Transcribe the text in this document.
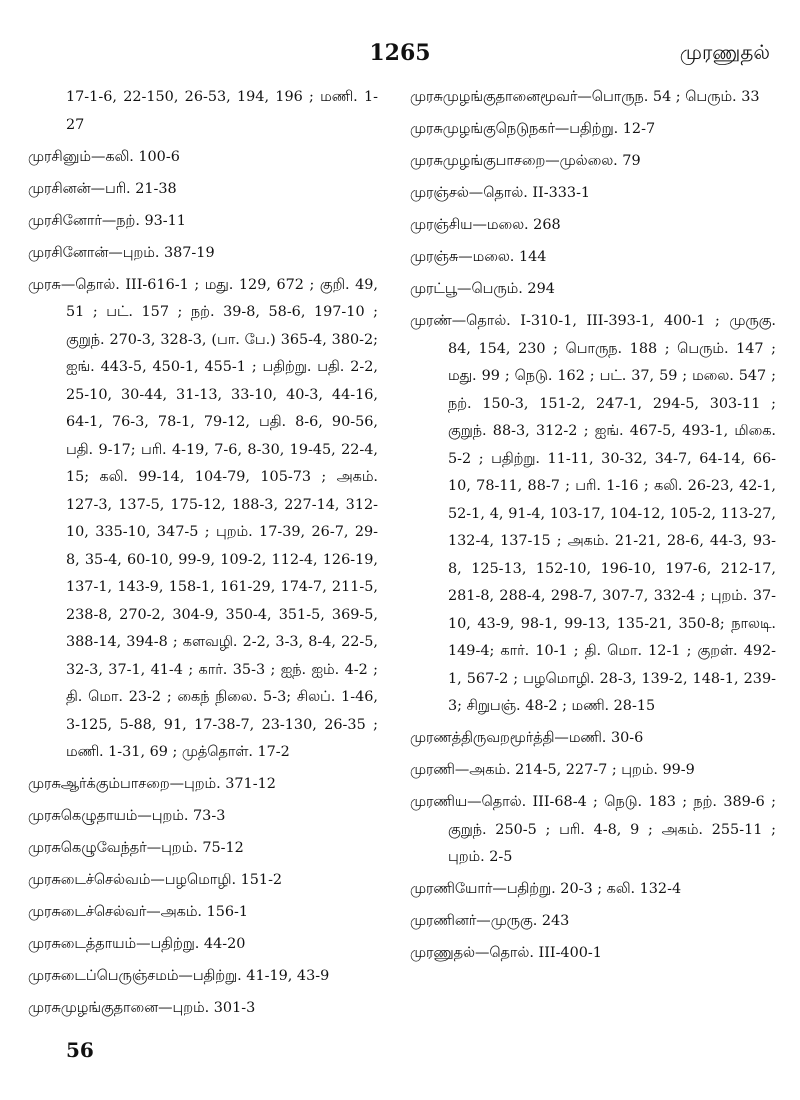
1265	முரணுதல்

17-1-6, 22-150, 26-53, 194, 196 ; மணி. 1-27

முரசினும்—கலி. 100-6

முரசினன்—பரி. 21-38

முரசினோர்—நற். 93-11

முரசினோன்—புறம். 387-19

முரசு—தொல். III-616-1 ; மது. 129, 672 ; குறி. 49, 51 ; பட். 157 ; நற். 39-8, 58-6, 197-10 ; குறுந். 270-3, 328-3, (பா. பே.) 365-4, 380-2; ஐங். 443-5, 450-1, 455-1 ; பதிற்று. பதி. 2-2, 25-10, 30-44, 31-13, 33-10, 40-3, 44-16, 64-1, 76-3, 78-1, 79-12, பதி. 8-6, 90-56, பதி. 9-17; பரி. 4-19, 7-6, 8-30, 19-45, 22-4, 15; கலி. 99-14, 104-79, 105-73 ; அகம். 127-3, 137-5, 175-12, 188-3, 227-14, 312-10, 335-10, 347-5 ; புறம். 17-39, 26-7, 29-8, 35-4, 60-10, 99-9, 109-2, 112-4, 126-19, 137-1, 143-9, 158-1, 161-29, 174-7, 211-5, 238-8, 270-2, 304-9, 350-4, 351-5, 369-5, 388-14, 394-8 ; களவழி. 2-2, 3-3, 8-4, 22-5, 32-3, 37-1, 41-4 ; கார். 35-3 ; ஐந். ஐம். 4-2 ; தி. மொ. 23-2 ; கைந் நிலை. 5-3; சிலப். 1-46, 3-125, 5-88, 91, 17-38-7, 23-130, 26-35 ; மணி. 1-31, 69 ; முத்தொள். 17-2

முரசுஆர்க்கும்பாசறை—புறம். 371-12

முரசுகெழுதாயம்—புறம். 73-3

முரசுகெழுவேந்தர்—புறம். 75-12

முரசுடைச்செல்வம்—பழமொழி. 151-2

முரசுடைச்செல்வர்—அகம். 156-1

முரசுடைத்தாயம்—பதிற்று. 44-20

முரசுடைப்பெருஞ்சமம்—பதிற்று. 41-19, 43-9

முரசுமுழங்குதானை—புறம். 301-3

முரசுமுழங்குதானைமூவர்—பொருந. 54 ; பெரும். 33

முரசுமுழங்குநெடுநகர்—பதிற்று. 12-7

முரசுமுழங்குபாசறை—முல்லை. 79

முரஞ்சல்—தொல். II-333-1

முரஞ்சிய—மலை. 268

முரஞ்சு—மலை. 144

முரட்பூ—பெரும். 294

முரண்—தொல். I-310-1, III-393-1, 400-1 ; முருகு. 84, 154, 230 ; பொருந. 188 ; பெரும். 147 ; மது. 99 ; நெடு. 162 ; பட். 37, 59 ; மலை. 547 ; நற். 150-3, 151-2, 247-1, 294-5, 303-11 ; குறுந். 88-3, 312-2 ; ஐங். 467-5, 493-1, மிகை. 5-2 ; பதிற்று. 11-11, 30-32, 34-7, 64-14, 66-10, 78-11, 88-7 ; பரி. 1-16 ; கலி. 26-23, 42-1, 52-1, 4, 91-4, 103-17, 104-12, 105-2, 113-27, 132-4, 137-15 ; அகம். 21-21, 28-6, 44-3, 93-8, 125-13, 152-10, 196-10, 197-6, 212-17, 281-8, 288-4, 298-7, 307-7, 332-4 ; புறம். 37-10, 43-9, 98-1, 99-13, 135-21, 350-8; நாலடி. 149-4; கார். 10-1 ; தி. மொ. 12-1 ; குறள். 492-1, 567-2 ; பழமொழி. 28-3, 139-2, 148-1, 239-3; சிறுபஞ். 48-2 ; மணி. 28-15

முரணத்திருவறமூர்த்தி—மணி. 30-6

முரணி—அகம். 214-5, 227-7 ; புறம். 99-9

முரணிய—தொல். III-68-4 ; நெடு. 183 ; நற். 389-6 ; குறுந். 250-5 ; பரி. 4-8, 9 ; அகம். 255-11 ; புறம். 2-5

முரணியோர்—பதிற்று. 20-3 ; கலி. 132-4

முரணினர்—முருகு. 243

முரணுதல்—தொல். III-400-1

56
